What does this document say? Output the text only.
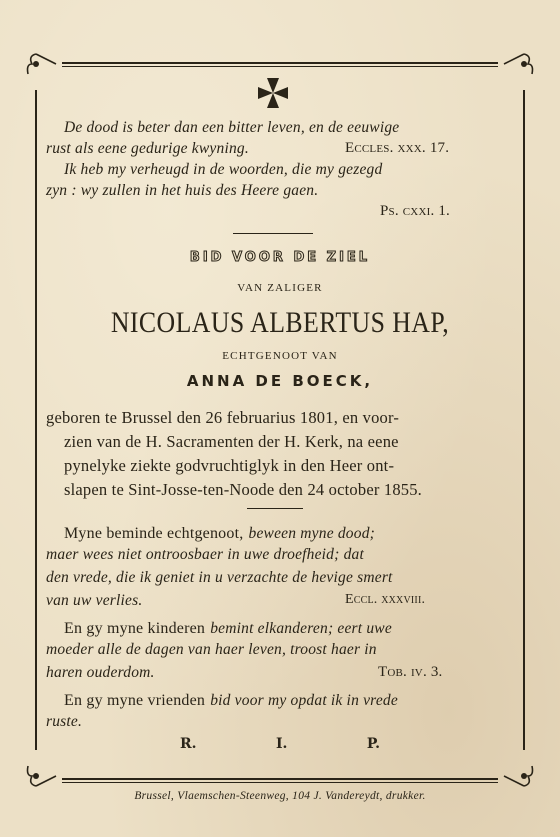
De dood is beter dan een bitter leven, en de eeuwige
rust als eene gedurige kwyning.	Eccles. xxx. 17.
Ik heb my verheugd in de woorden, die my gezegd
zyn : wy zullen in het huis des Heere gaen.
Ps. cxxi. 1.
BID VOOR DE ZIEL
VAN ZALIGER
NICOLAUS ALBERTUS HAP,
ECHTGENOOT VAN
ANNA DE BOECK,
geboren te Brussel den 26 februarius 1801, en voor-
zien van de H. Sacramenten der H. Kerk, na eene
pynelyke ziekte godvruchtiglyk in den Heer ont-
slapen te Sint-Josse-ten-Noode den 24 october 1855.
Myne beminde echtgenoot, beween myne dood;
maer wees niet ontroosbaer in uwe droefheid; dat
den vrede, die ik geniet in u verzachte de hevige smert
van uw verlies.	Eccl. xxxviii.
En gy myne kinderen bemint elkanderen; eert uwe
moeder alle de dagen van haer leven, troost haer in
haren ouderdom.	Tob. iv. 3.
En gy myne vrienden bid voor my opdat ik in vrede
ruste.
R.	I.	P.
Brussel, Vlaemschen-Steenweg, 104 J. Vandereydt, drukker.
